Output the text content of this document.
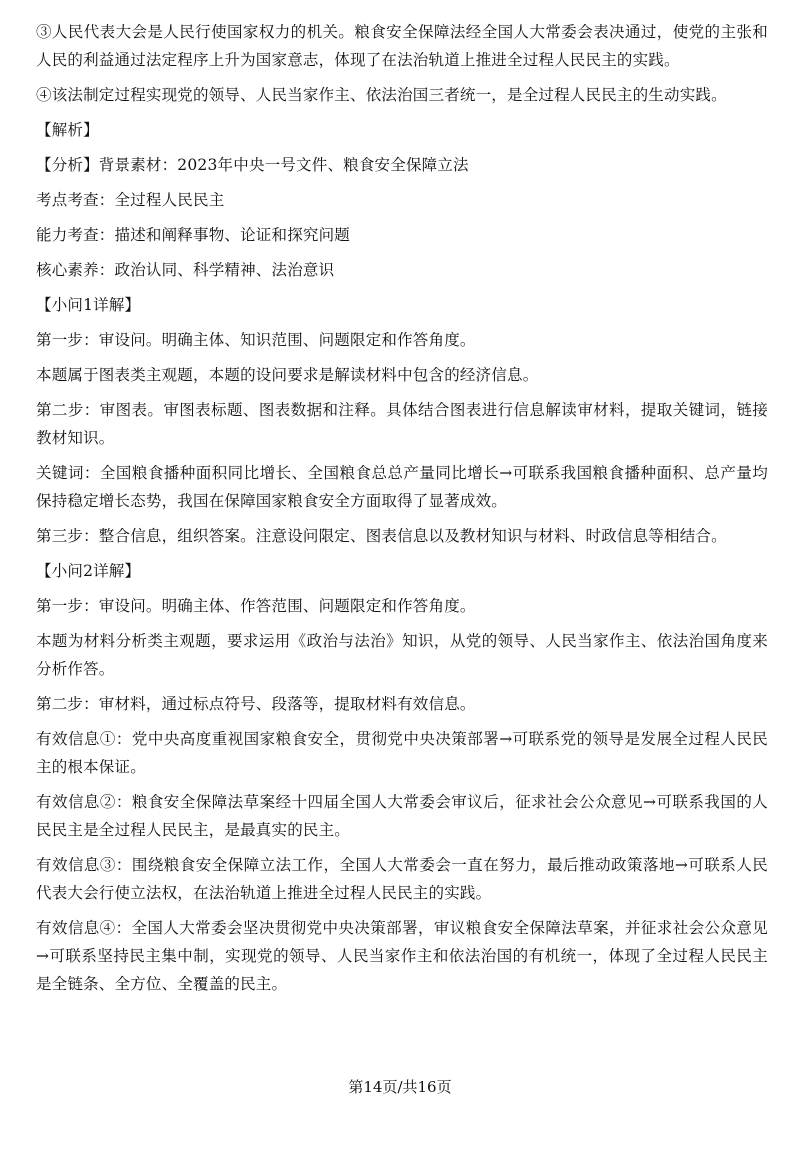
③人民代表大会是人民行使国家权力的机关。粮食安全保障法经全国人大常委会表决通过，使党的主张和人民的利益通过法定程序上升为国家意志，体现了在法治轨道上推进全过程人民民主的实践。

④该法制定过程实现党的领导、人民当家作主、依法治国三者统一，是全过程人民民主的生动实践。

【解析】

【分析】背景素材：2023年中央一号文件、粮食安全保障立法

考点考查：全过程人民民主

能力考查：描述和阐释事物、论证和探究问题

核心素养：政治认同、科学精神、法治意识

【小问1详解】

第一步：审设问。明确主体、知识范围、问题限定和作答角度。

本题属于图表类主观题，本题的设问要求是解读材料中包含的经济信息。

第二步：审图表。审图表标题、图表数据和注释。具体结合图表进行信息解读审材料，提取关键词，链接教材知识。

关键词：全国粮食播种面积同比增长、全国粮食总总产量同比增长→可联系我国粮食播种面积、总产量均保持稳定增长态势，我国在保障国家粮食安全方面取得了显著成效。

第三步：整合信息，组织答案。注意设问限定、图表信息以及教材知识与材料、时政信息等相结合。

【小问2详解】

第一步：审设问。明确主体、作答范围、问题限定和作答角度。

本题为材料分析类主观题，要求运用《政治与法治》知识，从党的领导、人民当家作主、依法治国角度来分析作答。

第二步：审材料，通过标点符号、段落等，提取材料有效信息。

有效信息①：党中央高度重视国家粮食安全，贯彻党中央决策部署→可联系党的领导是发展全过程人民民主的根本保证。

有效信息②：粮食安全保障法草案经十四届全国人大常委会审议后，征求社会公众意见→可联系我国的人民民主是全过程人民民主，是最真实的民主。

有效信息③：围绕粮食安全保障立法工作，全国人大常委会一直在努力，最后推动政策落地→可联系人民代表大会行使立法权，在法治轨道上推进全过程人民民主的实践。

有效信息④：全国人大常委会坚决贯彻党中央决策部署，审议粮食安全保障法草案，并征求社会公众意见→可联系坚持民主集中制，实现党的领导、人民当家作主和依法治国的有机统一，体现了全过程人民民主是全链条、全方位、全覆盖的民主。

第14页/共16页
